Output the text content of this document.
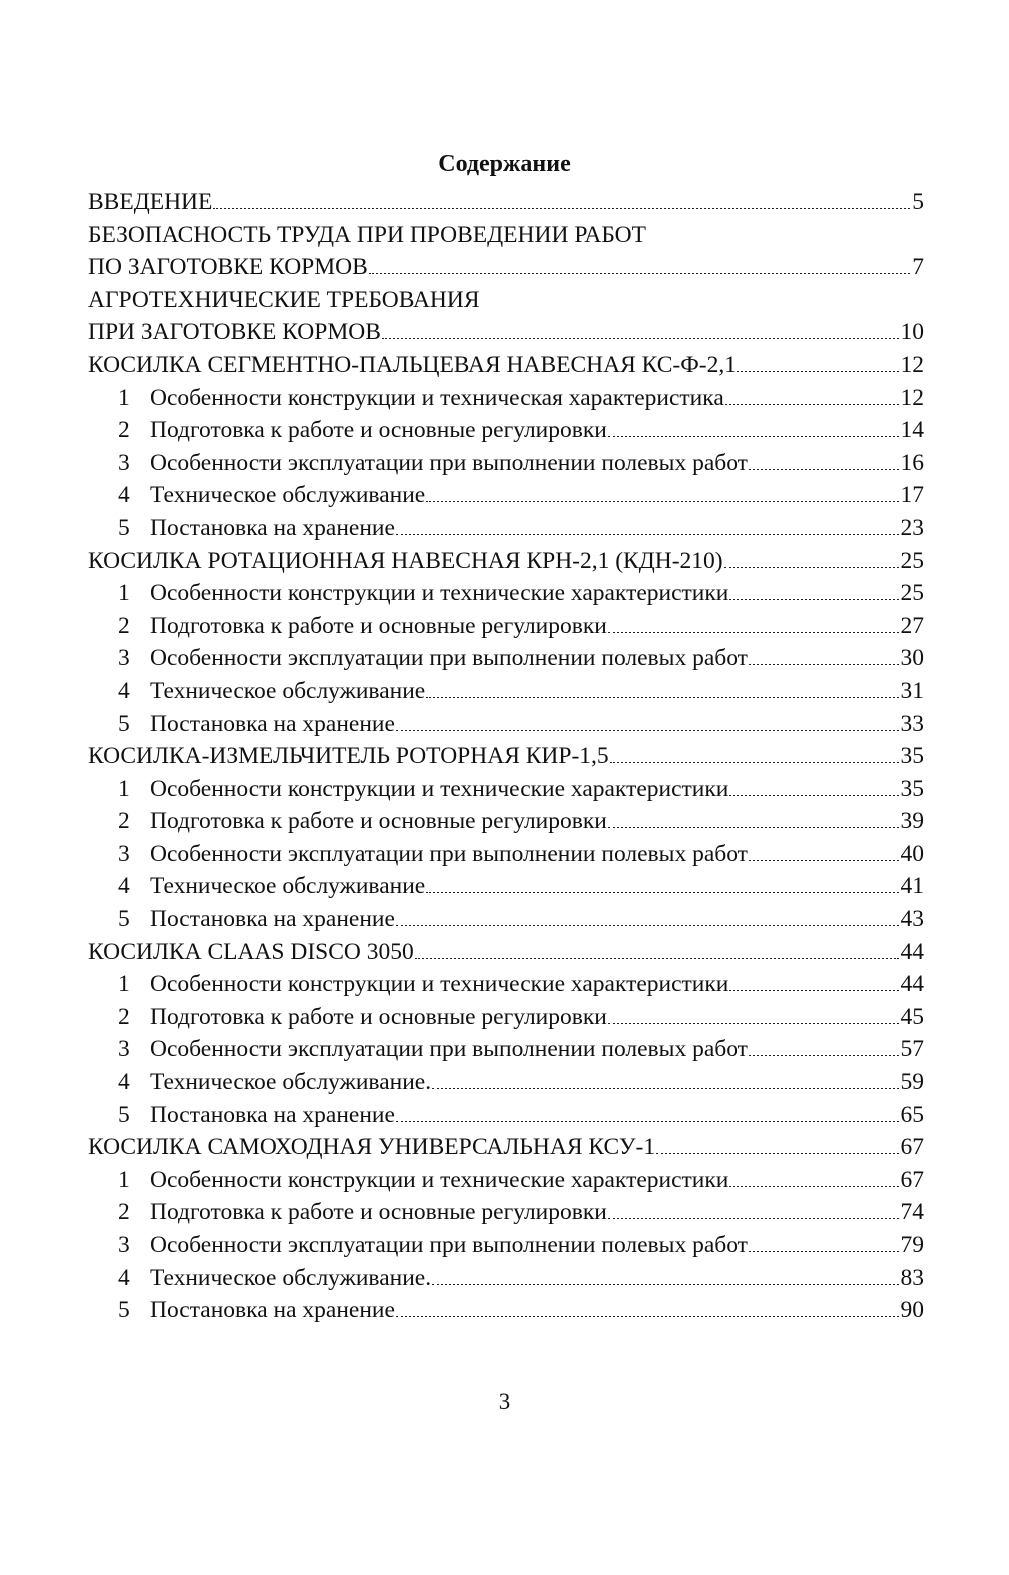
Содержание
ВВЕДЕНИЕ	5
БЕЗОПАСНОСТЬ ТРУДА ПРИ ПРОВЕДЕНИИ РАБОТ
ПО ЗАГОТОВКЕ КОРМОВ	7
АГРОТЕХНИЧЕСКИЕ ТРЕБОВАНИЯ
ПРИ ЗАГОТОВКЕ КОРМОВ	10
КОСИЛКА СЕГМЕНТНО-ПАЛЬЦЕВАЯ НАВЕСНАЯ КС-Ф-2,1	12
1 Особенности конструкции и техническая характеристика	12
2 Подготовка к работе и основные регулировки	14
3 Особенности эксплуатации при выполнении полевых работ	16
4 Техническое обслуживание	17
5 Постановка на хранение	23
КОСИЛКА РОТАЦИОННАЯ НАВЕСНАЯ КРН-2,1 (КДН-210)	25
1 Особенности конструкции и технические характеристики	25
2 Подготовка к работе и основные регулировки	27
3 Особенности эксплуатации при выполнении полевых работ	30
4 Техническое обслуживание	31
5 Постановка на хранение	33
КОСИЛКА-ИЗМЕЛЬЧИТЕЛЬ РОТОРНАЯ КИР-1,5	35
1 Особенности конструкции и технические характеристики	35
2 Подготовка к работе и основные регулировки	39
3 Особенности эксплуатации при выполнении полевых работ	40
4 Техническое обслуживание	41
5 Постановка на хранение	43
КОСИЛКА CLAAS DISCO 3050	44
1 Особенности конструкции и технические характеристики	44
2 Подготовка к работе и основные регулировки	45
3 Особенности эксплуатации при выполнении полевых работ	57
4 Техническое обслуживание.	59
5 Постановка на хранение	65
КОСИЛКА САМОХОДНАЯ УНИВЕРСАЛЬНАЯ КСУ-1	67
1 Особенности конструкции и технические характеристики	67
2 Подготовка к работе и основные регулировки	74
3 Особенности эксплуатации при выполнении полевых работ	79
4 Техническое обслуживание.	83
5 Постановка на хранение	90
3
